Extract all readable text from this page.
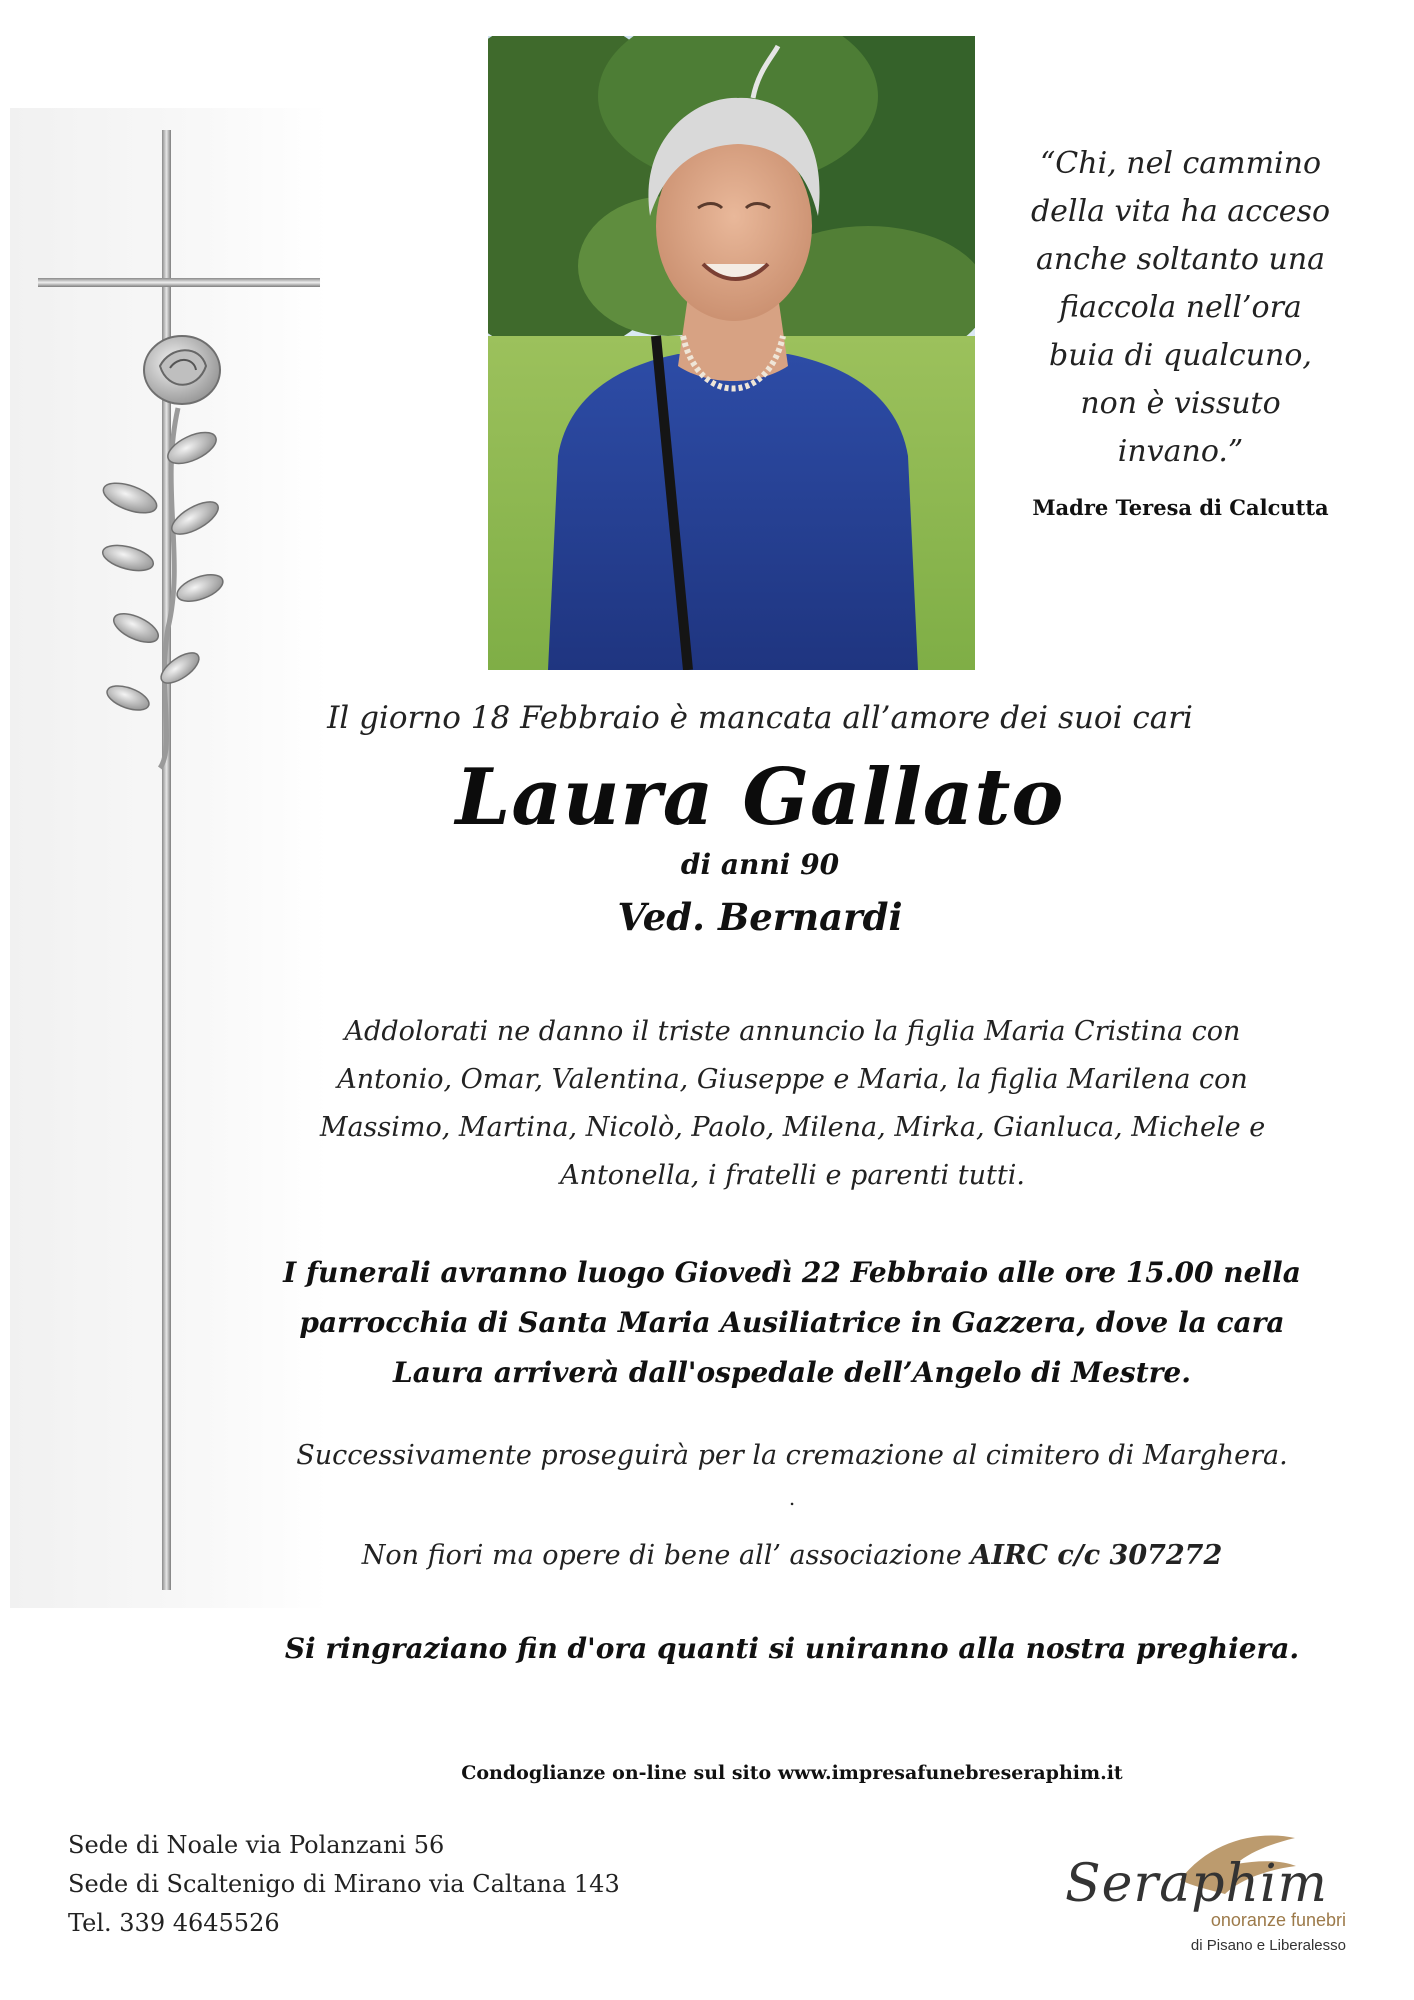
“Chi, nel cammino
della vita ha acceso
anche soltanto una
fiaccola nell’ora
buia di qualcuno,
non è vissuto
invano.”
Madre Teresa di Calcutta
Il giorno 18 Febbraio è mancata all’amore dei suoi cari
Laura Gallato
di anni 90
Ved. Bernardi
Addolorati ne danno il triste annuncio la figlia Maria Cristina con
Antonio, Omar, Valentina, Giuseppe e Maria, la figlia Marilena con
Massimo, Martina, Nicolò, Paolo, Milena, Mirka, Gianluca, Michele e
Antonella, i fratelli e parenti tutti.
I funerali avranno luogo Giovedì 22 Febbraio alle ore 15.00 nella
parrocchia di Santa Maria Ausiliatrice in Gazzera, dove la cara
Laura arriverà dall'ospedale dell’Angelo di Mestre.
Successivamente proseguirà per la cremazione al cimitero di Marghera.
.
Non fiori ma opere di bene all’ associazione AIRC c/c 307272
Si ringraziano fin d'ora quanti si uniranno alla nostra preghiera.
Condoglianze on-line sul sito www.impresafunebreseraphim.it
Sede di Noale via Polanzani 56
Sede di Scaltenigo di Mirano via Caltana 143
Tel. 339 4645526
Seraphim
onoranze funebri
di Pisano e Liberalesso
